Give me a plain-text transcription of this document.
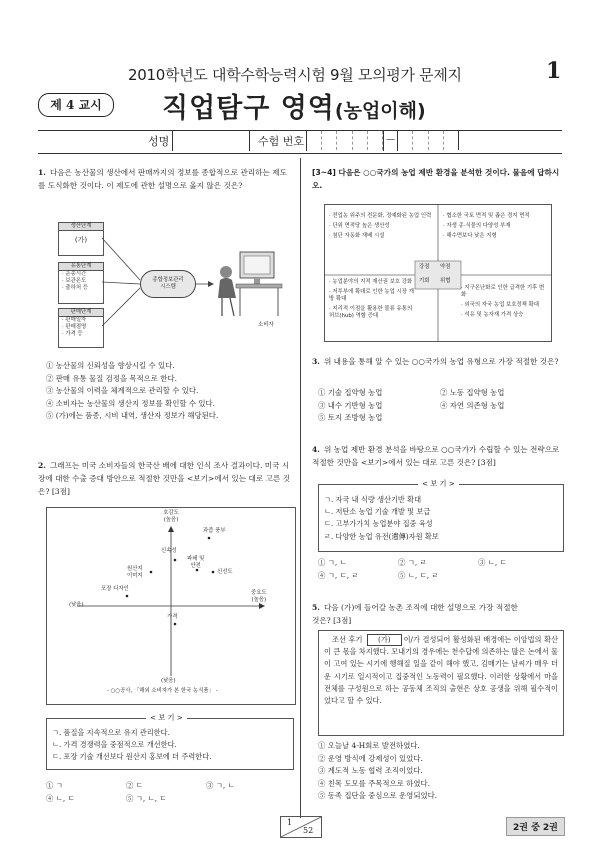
2010학년도 대학수학능력시험 9월 모의평가 문제지	1
제 4 교시	직업탐구 영역(농업이해)
성명	수험 번호	—
1. 다음은 농산물의 생산에서 판매까지의 정보를 종합적으로 관리하는 제도를 도식화한 것이다. 이 제도에 관한 설명으로 옳지 않은 것은?
생산단계
(가)
유통단계
· 운송시간
· 보관온도
· 출하처 등
판매단계
· 판매일자
· 판매점명
· 가격 등
종합정보관리
시스템
소비자
① 농산물의 신뢰성을 향상시킬 수 있다.
② 판매 유통 물질 검정을 목적으로 한다.
③ 농산물의 이력을 체계적으로 관리할 수 있다.
④ 소비자는 농산물의 생산지 정보를 확인할 수 있다.
⑤ (가)에는 품종, 시비 내역, 생산자 정보가 해당된다.
2. 그래프는 미국 소비자들의 한국산 배에 대한 인식 조사 결과이다. 미국 시장에 대한 수출 증대 방안으로 적절한 것만을 <보기>에서 있는 대로 고른 것은? [3점]
호감도
(높음)
(낮음)
(낮음)
중요도
(높음)
과즙 풍부
신속성
파쇄 및
안전
신선도
원산지
이미지
포장 디자인
가격
- ○○공사, 「해외 소비자가 본 한국 농식품」 -
< 보 기 >
ㄱ. 품질을 지속적으로 유지 관리한다.
ㄴ. 가격 경쟁력을 중점적으로 개선한다.
ㄷ. 포장 기술 개선보다 원산지 홍보에 더 주력한다.
① ㄱ	② ㄷ	③ ㄱ, ㄴ
④ ㄴ, ㄷ	⑤ ㄱ, ㄴ, ㄷ
[3~4] 다음은 ○○국가의 농업 제반 환경을 분석한 것이다. 물음에 답하시오.
· 전업농 위주의 전문화, 정예화된 농업 인력
· 단위 면적당 높은 생산성
· 첨단 자동화 재배 시설
· 협소한 국토 면적 및 좁은 경지 면적
· 자생 종·식물의 다양성 부재
· 해수면보다 낮은 지형
· 농업분야의 지적 재산권 보호 강화
· 저투부에 확대로 인한 농업 시장 개방 확대
· 지리적 이점을 활용한 물류 유통의 허브(hub) 역할 증대
· 지구온난화로 인한 급격한 기후 변화
· 외국의 자국 농업 보호정책 확대
· 석유 및 농자재 가격 상승
강점 약점
기회 위협
3. 위 내용을 통해 알 수 있는 ○○국가의 농업 유형으로 가장 적절한 것은?
① 기술 집약형 농업	② 노동 집약형 농업
③ 내수 기반형 농업	④ 자연 의존형 농업
⑤ 토지 조방형 농업
4. 위 농업 제반 환경 분석을 바탕으로 ○○국가가 수립할 수 있는 전략으로 적절한 것만을 <보기>에서 있는 대로 고른 것은? [3점]
< 보 기 >
ㄱ. 자국 내 식량 생산기반 확대
ㄴ. 저탄소 농업 기술 개발 및 보급
ㄷ. 고부가가치 농업분야 집중 육성
ㄹ. 다양한 농업 유전(遺傳)자원 확보
① ㄱ, ㄴ	② ㄱ, ㄹ	③ ㄴ, ㄷ
④ ㄱ, ㄷ, ㄹ	⑤ ㄴ, ㄷ, ㄹ
5. 다음 (가)에 들어갈 농촌 조직에 대한 설명으로 가장 적절한
것은? [3점]
조선 후기 (가) 이/가 결성되어 활성화된 배경에는 이앙법의 확산이 큰 몫을 차지했다. 모내기의 경우에는 천수답에 의존하는 많은 논에서 물이 고여 있는 시기에 행해질 일을 같이 해야 했고, 김매기는 날씨가 매우 더운 시기로 일시적이고 집중적인 노동력이 필요했다. 이러한 상황에서 마을 전체를 구성원으로 하는 공동체 조직의 출현은 상호 공생을 위해 필수적이었다고 할 수 있다.
① 오늘날 4-H회로 발전하였다.
② 운영 방식에 강제성이 있었다.
③ 계도적 노동 협력 조직이었다.
④ 친목 도모를 주목적으로 하였다.
⑤ 동족 집단을 중심으로 운영되었다.
1
52	2권 중 2권
